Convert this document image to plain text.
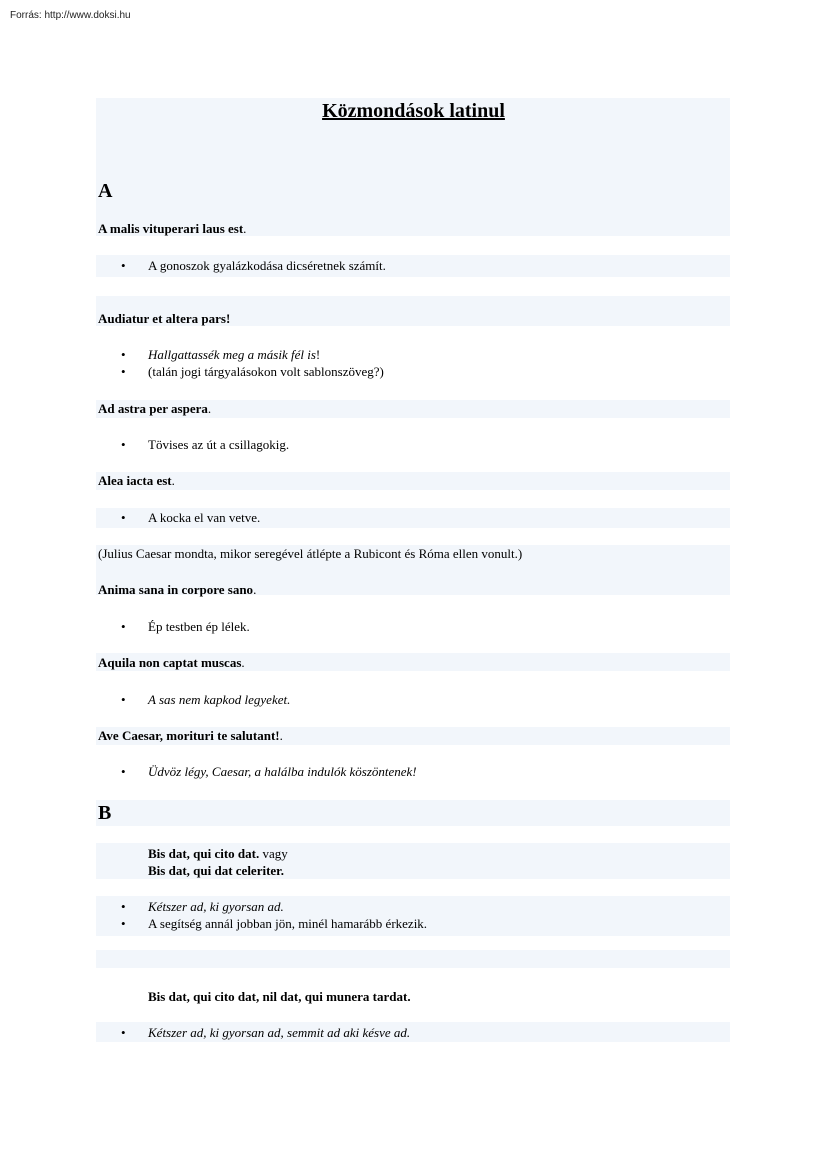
Forrás: http://www.doksi.hu
Közmondások latinul
A
A malis vituperari laus est.
• A gonoszok gyalázkodása dicséretnek számít.
Audiatur et altera pars!
• Hallgattassék meg a másik fél is!
• (talán jogi tárgyalásokon volt sablonszöveg?)
Ad astra per aspera.
• Tövises az út a csillagokig.
Alea iacta est.
• A kocka el van vetve.
(Julius Caesar mondta, mikor seregével átlépte a Rubicont és Róma ellen vonult.)
Anima sana in corpore sano.
• Ép testben ép lélek.
Aquila non captat muscas.
• A sas nem kapkod legyeket.
Ave Caesar, morituri te salutant!.
• Üdvöz légy, Caesar, a halálba indulók köszöntenek!
B
Bis dat, qui cito dat. vagy
Bis dat, qui dat celeriter.
• Kétszer ad, ki gyorsan ad.
• A segítség annál jobban jön, minél hamarább érkezik.
Bis dat, qui cito dat, nil dat, qui munera tardat.
• Kétszer ad, ki gyorsan ad, semmit ad aki késve ad.
